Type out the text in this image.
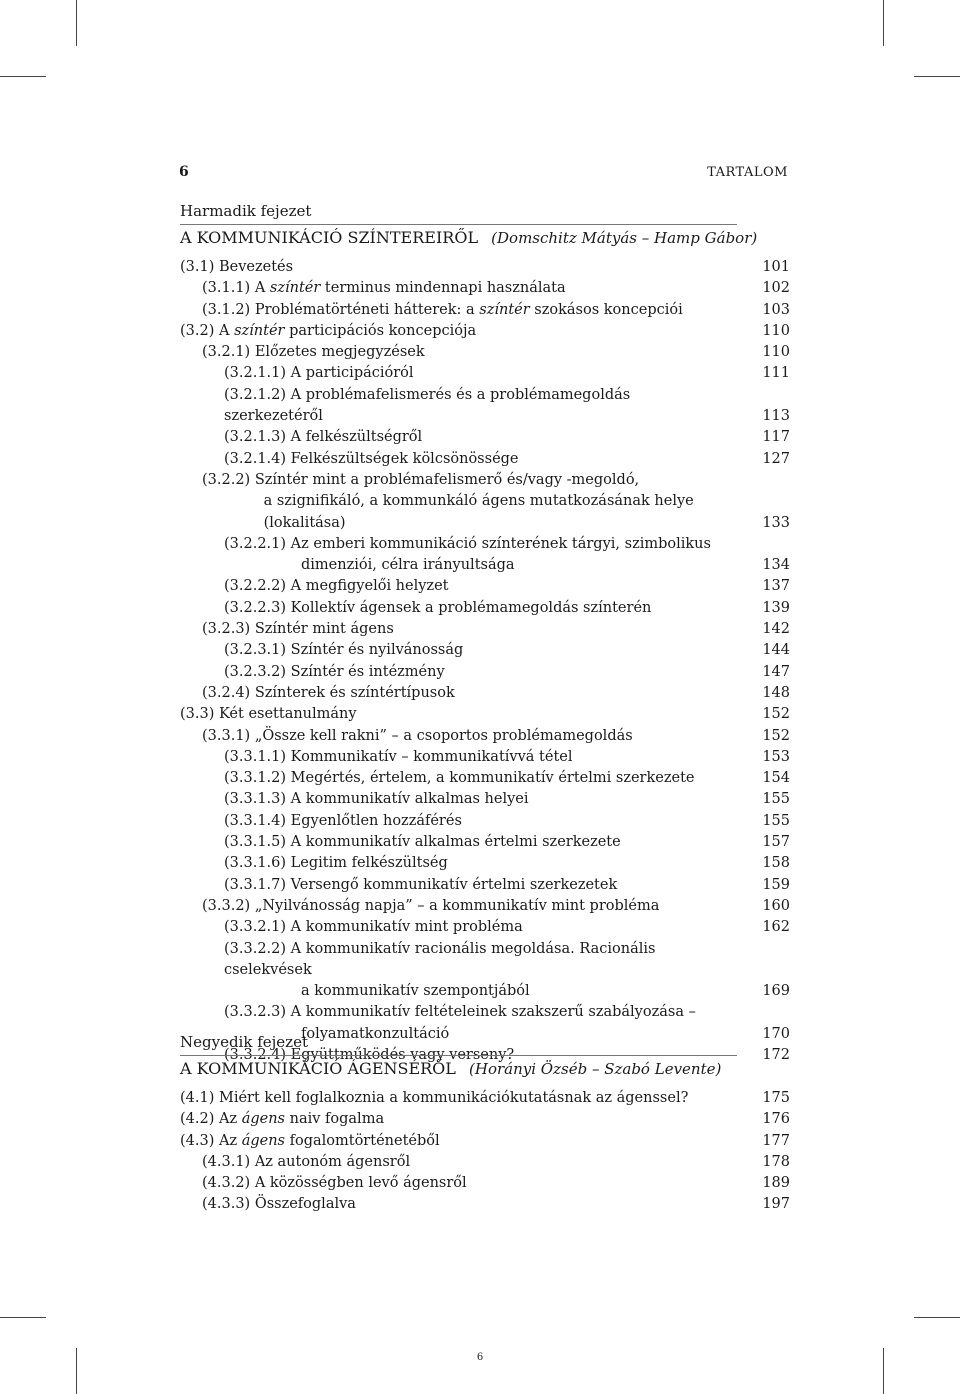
6	TARTALOM
Harmadik fejezet
A KOMMUNIKÁCIÓ SZÍNTEREIRŐL (Domschitz Mátyás – Hamp Gábor)
(3.1) Bevezetés	101
(3.1.1) A színtér terminus mindennapi használata	102
(3.1.2) Problématörténeti hátterek: a színtér szokásos koncepciói	103
(3.2) A színtér participációs koncepciója	110
(3.2.1) Előzetes megjegyzések	110
(3.2.1.1) A participációról	111
(3.2.1.2) A problémafelismerés és a problémamegoldás szerkezetéről	113
(3.2.1.3) A felkészültségről	117
(3.2.1.4) Felkészültségek kölcsönössége	127
(3.2.2) Színtér mint a problémafelismerő és/vagy -megoldó,
a szignifikáló, a kommunkáló ágens mutatkozásának helye (lokalitása)	133
(3.2.2.1) Az emberi kommunikáció színterének tárgyi, szimbolikus
dimenziói, célra irányultsága	134
(3.2.2.2) A megfigyelői helyzet	137
(3.2.2.3) Kollektív ágensek a problémamegoldás színterén	139
(3.2.3) Színtér mint ágens	142
(3.2.3.1) Színtér és nyilvánosság	144
(3.2.3.2) Színtér és intézmény	147
(3.2.4) Színterek és színtértípusok	148
(3.3) Két esettanulmány	152
(3.3.1) „Össze kell rakni” – a csoportos problémamegoldás	152
(3.3.1.1) Kommunikatív – kommunikatívvá tétel	153
(3.3.1.2) Megértés, értelem, a kommunikatív értelmi szerkezete	154
(3.3.1.3) A kommunikatív alkalmas helyei	155
(3.3.1.4) Egyenlőtlen hozzáférés	155
(3.3.1.5) A kommunikatív alkalmas értelmi szerkezete	157
(3.3.1.6) Legitim felkészültség	158
(3.3.1.7) Versengő kommunikatív értelmi szerkezetek	159
(3.3.2) „Nyilvánosság napja” – a kommunikatív mint probléma	160
(3.3.2.1) A kommunikatív mint probléma	162
(3.3.2.2) A kommunikatív racionális megoldása. Racionális cselekvések
a kommunikatív szempontjából	169
(3.3.2.3) A kommunikatív feltételeinek szakszerű szabályozása –
folyamatkonzultáció	170
(3.3.2.4) Együttműködés vagy verseny?	172
Negyedik fejezet
A KOMMUNIKÁCIÓ ÁGENSÉRŐL (Horányi Özséb – Szabó Levente)
(4.1) Miért kell foglalkoznia a kommunikációkutatásnak az ágenssel?	175
(4.2) Az ágens naiv fogalma	176
(4.3) Az ágens fogalomtörténetéből	177
(4.3.1) Az autonóm ágensről	178
(4.3.2) A közösségben levő ágensről	189
(4.3.3) Összefoglalva	197
6
